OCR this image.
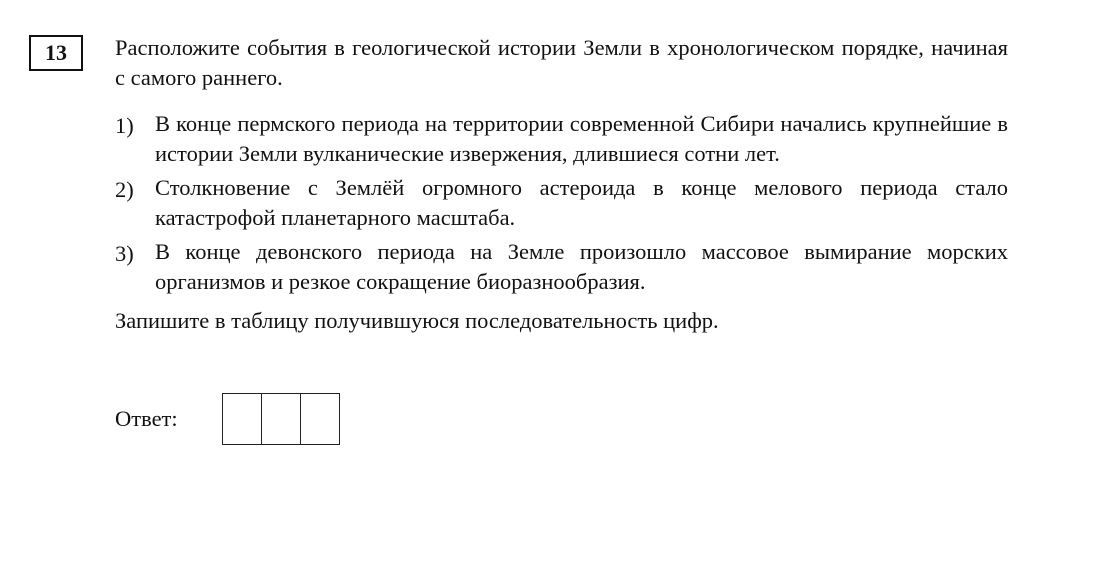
13	Расположите события в геологической истории Земли в хронологическом порядке, начиная с самого раннего.

1) В конце пермского периода на территории современной Сибири начались крупнейшие в истории Земли вулканические извержения, длившиеся сотни лет.
2) Столкновение с Землёй огромного астероида в конце мелового периода стало катастрофой планетарного масштаба.
3) В конце девонского периода на Земле произошло массовое вымирание морских организмов и резкое сокращение биоразнообразия.

Запишите в таблицу получившуюся последовательность цифр.

Ответ:
